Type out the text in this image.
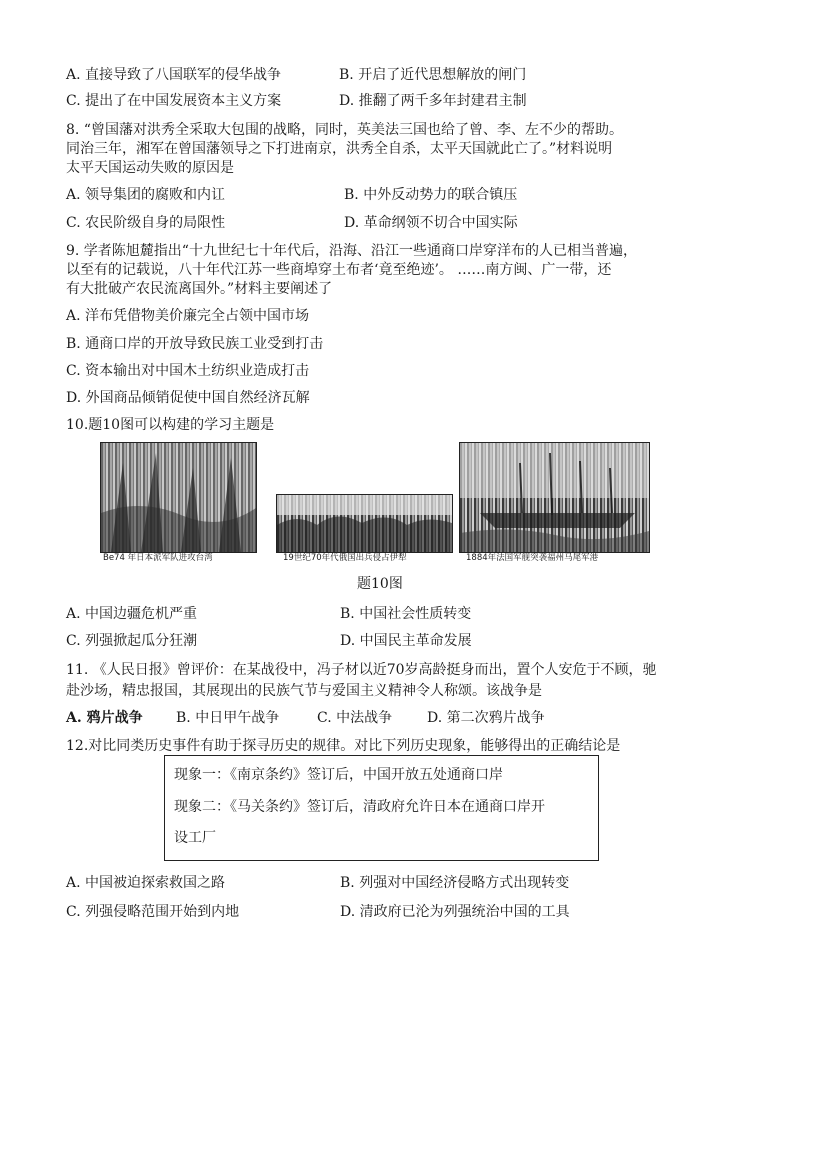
A. 直接导致了八国联军的侵华战争	B. 开启了近代思想解放的闸门
C. 提出了在中国发展资本主义方案	D. 推翻了两千多年封建君主制
8. “曾国藩对洪秀全采取大包围的战略，同时，英美法三国也给了曾、李、左不少的帮助。
同治三年，湘军在曾国藩领导之下打进南京，洪秀全自杀，太平天国就此亡了。”材料说明
太平天国运动失败的原因是
A. 领导集团的腐败和内讧	B. 中外反动势力的联合镇压
C. 农民阶级自身的局限性	D. 革命纲领不切合中国实际
9. 学者陈旭麓指出“十九世纪七十年代后，沿海、沿江一些通商口岸穿洋布的人已相当普遍，
以至有的记载说，八十年代江苏一些商埠穿土布者‘竟至绝迹’。 ……南方闽、广一带，还
有大批破产农民流离国外。”材料主要阐述了
A. 洋布凭借物美价廉完全占领中国市场
B. 通商口岸的开放导致民族工业受到打击
C. 资本输出对中国木土纺织业造成打击
D. 外国商品倾销促使中国自然经济瓦解
10.题10图可以构建的学习主题是
Be74 年日本派军队进攻台湾	19世纪70年代俄国出兵侵占伊犁	1884年法国军舰突袭福州马尾军港
题10图
A. 中国边疆危机严重	B. 中国社会性质转变
C. 列强掀起瓜分狂潮	D. 中国民主革命发展
11. 《人民日报》曾评价：在某战役中，冯子材以近70岁高龄挺身而出，置个人安危于不顾，驰
赴沙场，精忠报国，其展现出的民族气节与爱国主义精神令人称颂。该战争是
A. 鸦片战争 B. 中日甲午战争	C. 中法战争 D. 第二次鸦片战争
12.对比同类历史事件有助于探寻历史的规律。对比下列历史现象，能够得出的正确结论是
现象一：《南京条约》签订后，中国开放五处通商口岸
现象二：《马关条约》签订后，清政府允许日本在通商口岸开
设工厂
A. 中国被迫探索救国之路	B. 列强对中国经济侵略方式出现转变
C. 列强侵略范围开始到内地	D. 清政府已沦为列强统治中国的工具
